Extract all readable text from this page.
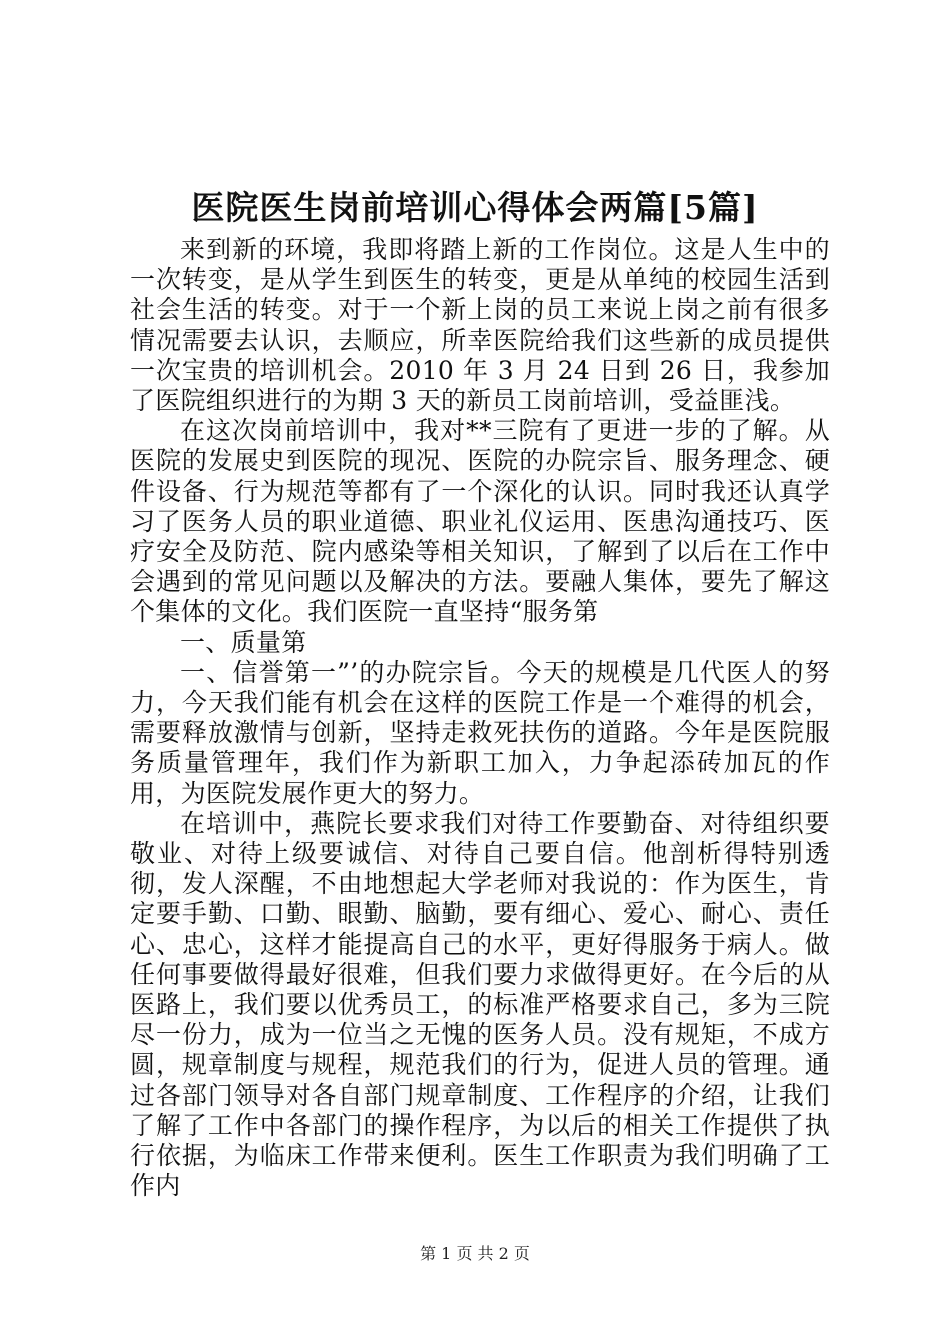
医院医生岗前培训心得体会两篇[5篇]

来到新的环境，我即将踏上新的工作岗位。这是人生中的一次转变，是从学生到医生的转变，更是从单纯的校园生活到社会生活的转变。对于一个新上岗的员工来说上岗之前有很多情况需要去认识，去顺应，所幸医院给我们这些新的成员提供一次宝贵的培训机会。2010 年 3 月 24 日到 26 日，我参加了医院组织进行的为期 3 天的新员工岗前培训，受益匪浅。

在这次岗前培训中，我对**三院有了更进一步的了解。从医院的发展史到医院的现况、医院的办院宗旨、服务理念、硬件设备、行为规范等都有了一个深化的认识。同时我还认真学习了医务人员的职业道德、职业礼仪运用、医患沟通技巧、医疗安全及防范、院内感染等相关知识，了解到了以后在工作中会遇到的常见问题以及解决的方法。要融人集体，要先了解这个集体的文化。我们医院一直坚持“服务第

一、质量第

一、信誉第一”’的办院宗旨。今天的规模是几代医人的努力，今天我们能有机会在这样的医院工作是一个难得的机会，需要释放激情与创新，坚持走救死扶伤的道路。今年是医院服务质量管理年，我们作为新职工加入，力争起添砖加瓦的作用，为医院发展作更大的努力。

在培训中，燕院长要求我们对待工作要勤奋、对待组织要敬业、对待上级要诚信、对待自己要自信。他剖析得特别透彻，发人深醒，不由地想起大学老师对我说的：作为医生，肯定要手勤、口勤、眼勤、脑勤，要有细心、爱心、耐心、责任心、忠心，这样才能提高自己的水平，更好得服务于病人。做任何事要做得最好很难，但我们要力求做得更好。在今后的从医路上，我们要以优秀员工，的标准严格要求自己，多为三院尽一份力，成为一位当之无愧的医务人员。没有规矩，不成方圆，规章制度与规程，规范我们的行为，促进人员的管理。通过各部门领导对各自部门规章制度、工作程序的介绍，让我们了解了工作中各部门的操作程序，为以后的相关工作提供了执行依据，为临床工作带来便利。医生工作职责为我们明确了工作内

第 1 页 共 2 页
